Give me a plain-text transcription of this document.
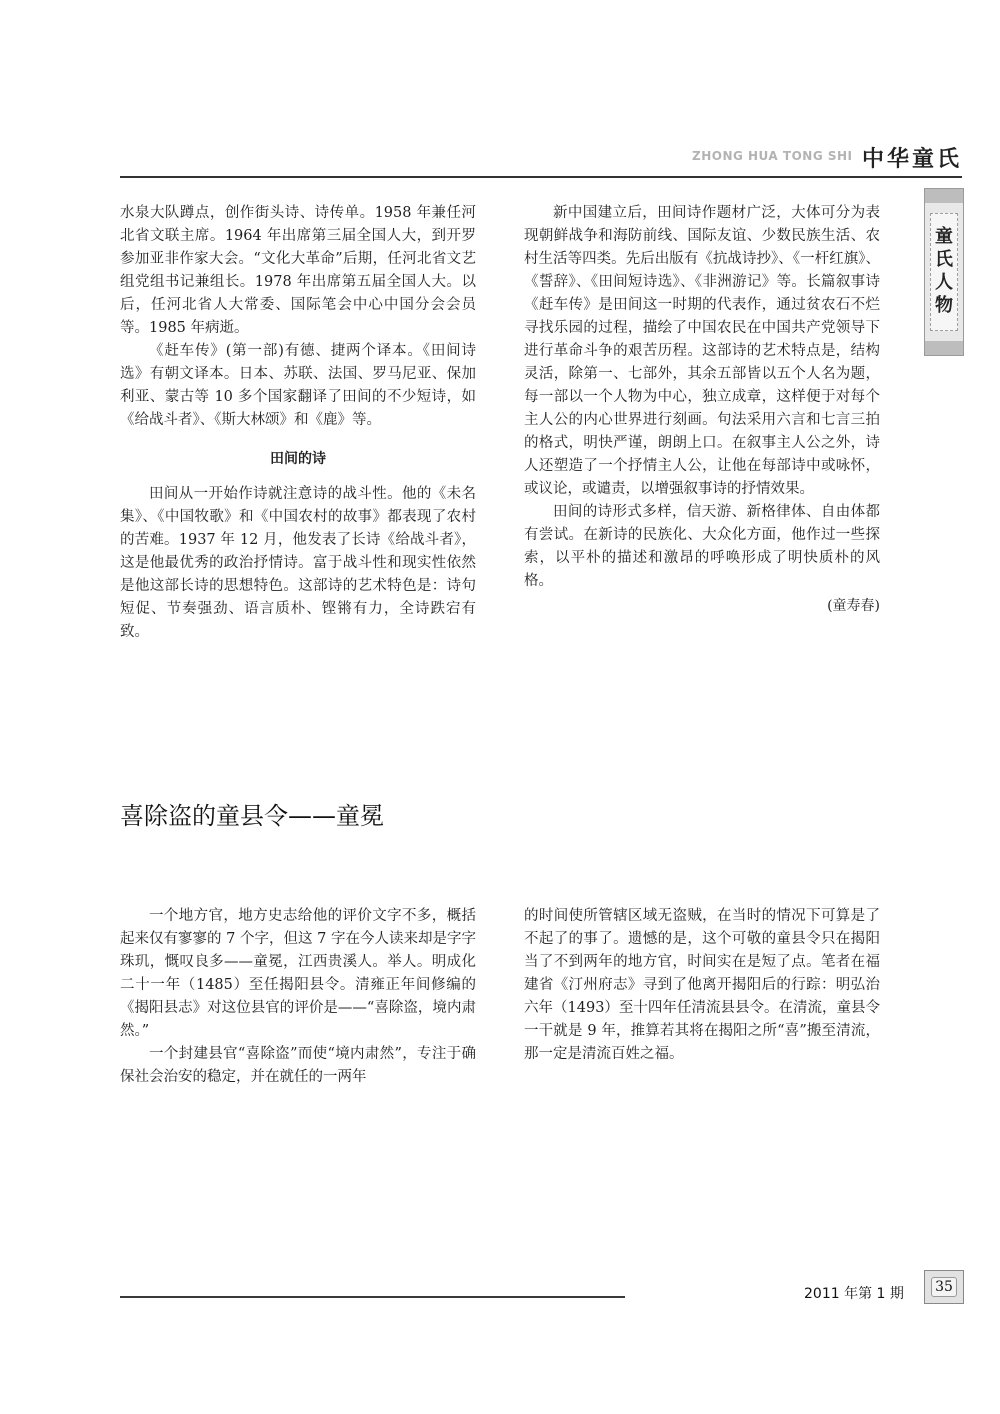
ZHONG HUA TONG SHI 中华童氏
童
氏
人
物

水泉大队蹲点，创作街头诗、诗传单。1958 年兼任河北省文联主席。1964 年出席第三届全国人大，到开罗参加亚非作家大会。“文化大革命”后期，任河北省文艺组党组书记兼组长。1978 年出席第五届全国人大。以后，任河北省人大常委、国际笔会中心中国分会会员等。1985 年病逝。

《赶车传》(第一部)有德、捷两个译本。《田间诗选》有朝文译本。日本、苏联、法国、罗马尼亚、保加利亚、蒙古等 10 多个国家翻译了田间的不少短诗，如《给战斗者》、《斯大林颂》和《鹿》等。

田间的诗

田间从一开始作诗就注意诗的战斗性。他的《未名集》、《中国牧歌》和《中国农村的故事》都表现了农村的苦难。1937 年 12 月，他发表了长诗《给战斗者》，这是他最优秀的政治抒情诗。富于战斗性和现实性依然是他这部长诗的思想特色。这部诗的艺术特色是：诗句短促、节奏强劲、语言质朴、铿锵有力，全诗跌宕有致。

新中国建立后，田间诗作题材广泛，大体可分为表现朝鲜战争和海防前线、国际友谊、少数民族生活、农村生活等四类。先后出版有《抗战诗抄》、《一杆红旗》、《誓辞》、《田间短诗选》、《非洲游记》等。长篇叙事诗《赶车传》是田间这一时期的代表作，通过贫农石不烂寻找乐园的过程，描绘了中国农民在中国共产党领导下进行革命斗争的艰苦历程。这部诗的艺术特点是，结构灵活，除第一、七部外，其余五部皆以五个人名为题，每一部以一个人物为中心，独立成章，这样便于对每个主人公的内心世界进行刻画。句法采用六言和七言三拍的格式，明快严谨，朗朗上口。在叙事主人公之外，诗人还塑造了一个抒情主人公，让他在每部诗中或咏怀，或议论，或谴责，以增强叙事诗的抒情效果。

田间的诗形式多样，信天游、新格律体、自由体都有尝试。在新诗的民族化、大众化方面，他作过一些探索，以平朴的描述和激昂的呼唤形成了明快质朴的风格。

(童寿春)
喜除盗的童县令——童冕

一个地方官，地方史志给他的评价文字不多，概括起来仅有寥寥的 7 个字，但这 7 字在今人读来却是字字珠玑，慨叹良多——童冕，江西贵溪人。举人。明成化二十一年（1485）至任揭阳县令。清雍正年间修编的《揭阳县志》对这位县官的评价是——“喜除盗，境内肃然。”

一个封建县官“喜除盗”而使“境内肃然”，专注于确保社会治安的稳定，并在就任的一两年

的时间使所管辖区域无盗贼，在当时的情况下可算是了不起了的事了。遗憾的是，这个可敬的童县令只在揭阳当了不到两年的地方官，时间实在是短了点。笔者在福建省《汀州府志》寻到了他离开揭阳后的行踪：明弘治六年（1493）至十四年任清流县县令。在清流，童县令一干就是 9 年，推算若其将在揭阳之所“喜”搬至清流，那一定是清流百姓之福。

2011 年第 1 期 35
